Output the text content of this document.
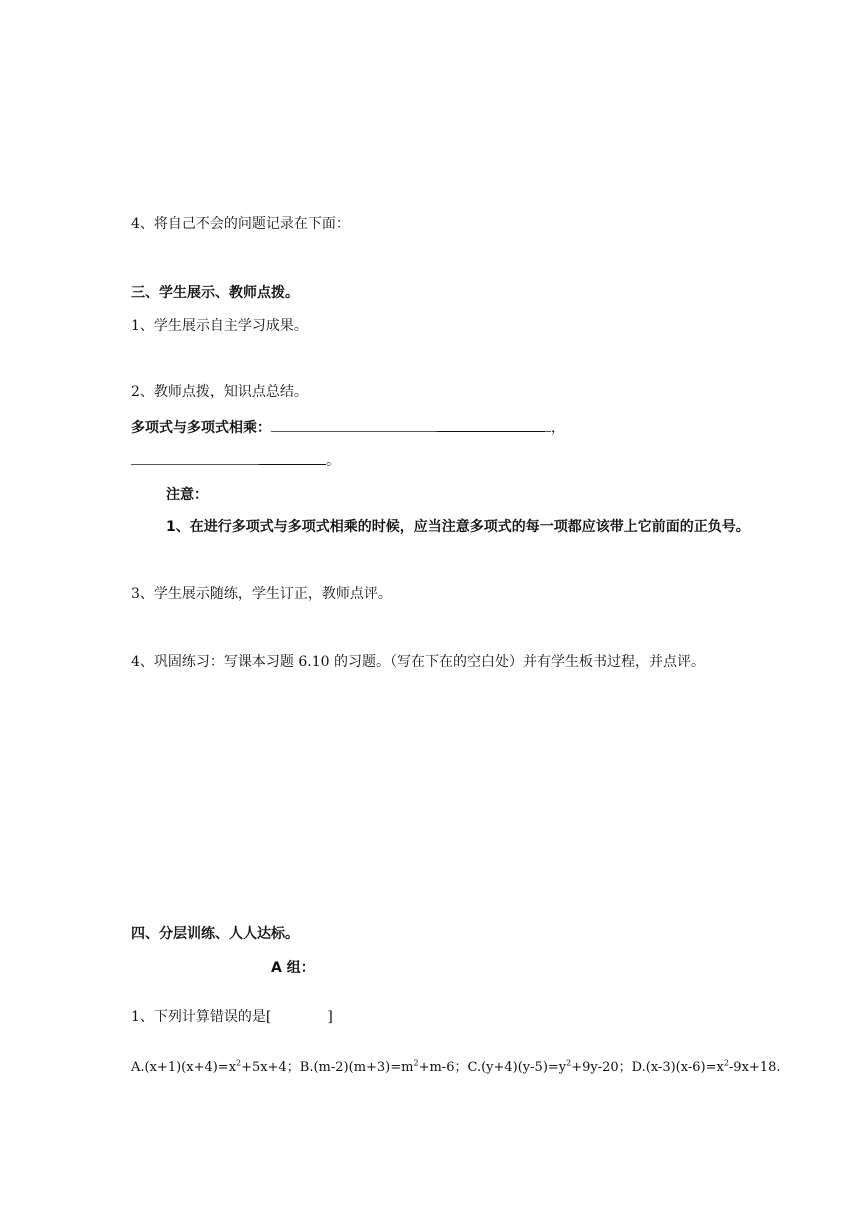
4、将自己不会的问题记录在下面：
三、学生展示、教师点拨。
1、学生展示自主学习成果。
2、教师点拨，知识点总结。
多项式与多项式相乘：	，
。
注意：
1、在进行多项式与多项式相乘的时候，应当注意多项式的每一项都应该带上它前面的正负号。
3、学生展示随练，学生订正，教师点评。
4、巩固练习：写课本习题 6.10 的习题。（写在下在的空白处）并有学生板书过程，并点评。
四、分层训练、人人达标。
A 组：
1、下列计算错误的是[	]
$A.(x+1)(x+4)=x^2+5x+4$；$B.(m-2)(m+3)=m^2+m-6$；$C.(y+4)(y-5)=y^2+9y-20$；$D.(x-3)(x-6)=x^2-9x+18$.
